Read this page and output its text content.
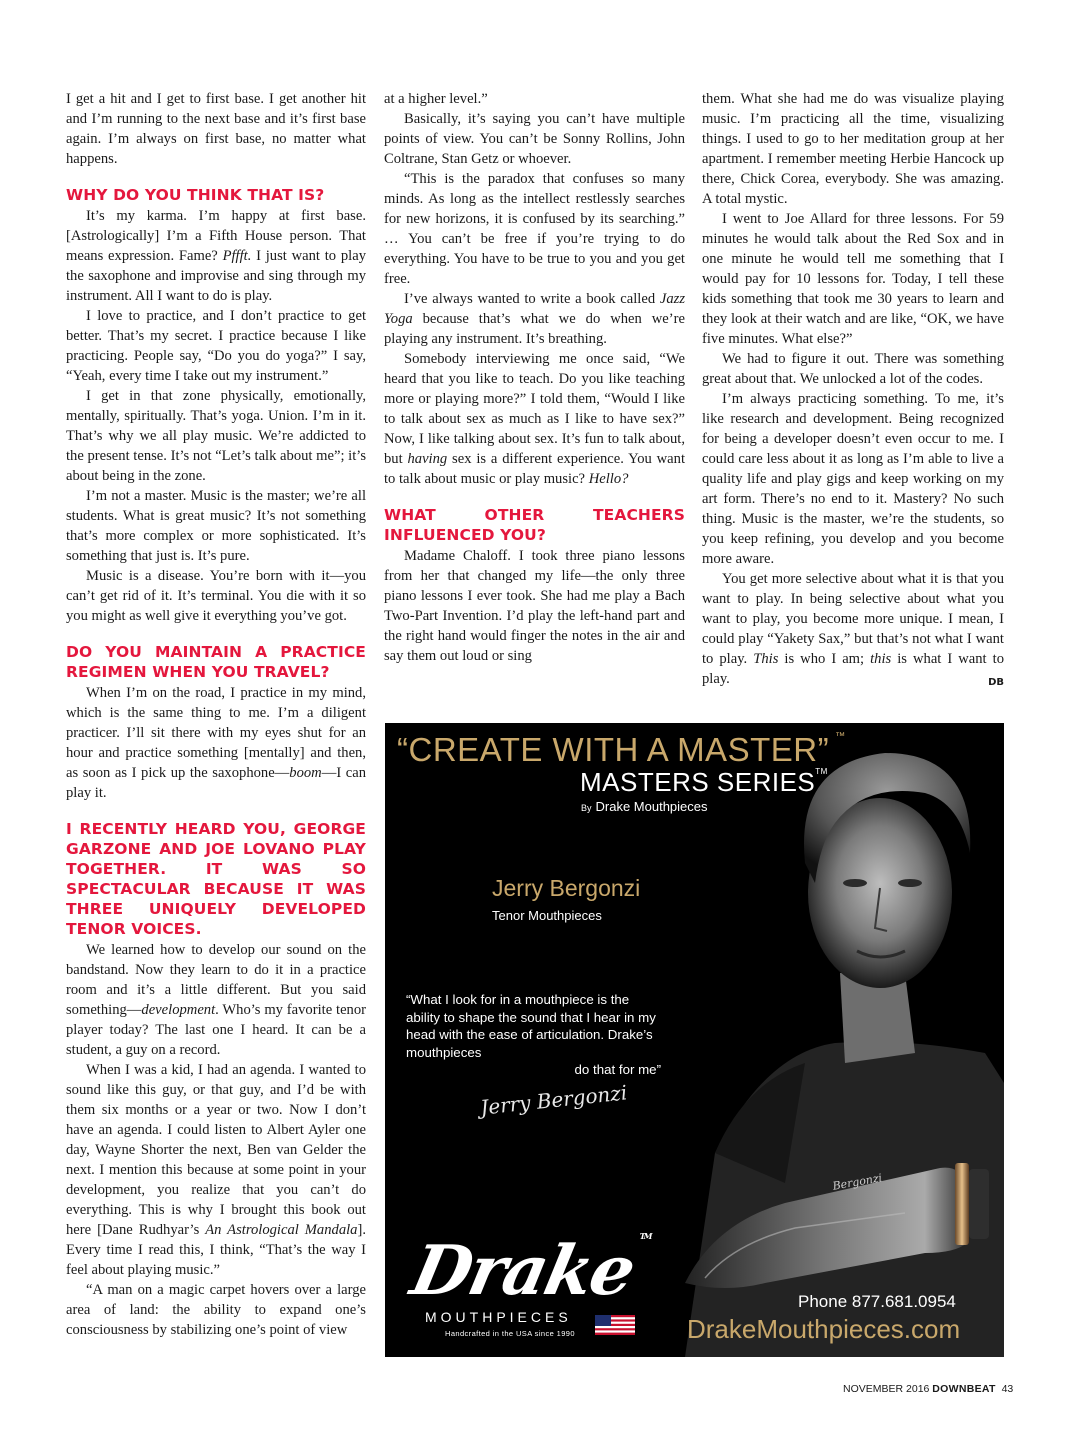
I get a hit and I get to first base. I get another hit and I’m running to the next base and it’s first base again. I’m always on first base, no matter what happens.

WHY DO YOU THINK THAT IS?

It’s my karma. I’m happy at first base. [Astrologically] I’m a Fifth House person. That means expression. Fame? Pffft. I just want to play the saxophone and improvise and sing through my instrument. All I want to do is play.

I love to practice, and I don’t practice to get better. That’s my secret. I practice because I like practicing. People say, “Do you do yoga?” I say, “Yeah, every time I take out my instrument.”

I get in that zone physically, emotionally, mentally, spiritually. That’s yoga. Union. I’m in it. That’s why we all play music. We’re addicted to the present tense. It’s not “Let’s talk about me”; it’s about being in the zone.

I’m not a master. Music is the master; we’re all students. What is great music? It’s not something that’s more complex or more sophisticated. It’s something that just is. It’s pure.

Music is a disease. You’re born with it—you can’t get rid of it. It’s terminal. You die with it so you might as well give it everything you’ve got.

DO YOU MAINTAIN A PRACTICE REGIMEN WHEN YOU TRAVEL?

When I’m on the road, I practice in my mind, which is the same thing to me. I’m a diligent practicer. I’ll sit there with my eyes shut for an hour and practice something [mentally] and then, as soon as I pick up the saxophone—boom—I can play it.

I RECENTLY HEARD YOU, GEORGE GARZONE AND JOE LOVANO PLAY TOGETHER. IT WAS SO SPECTACULAR BECAUSE IT WAS THREE UNIQUELY DEVELOPED TENOR VOICES.

We learned how to develop our sound on the bandstand. Now they learn to do it in a practice room and it’s a little different. But you said something—development. Who’s my favorite tenor player today? The last one I heard. It can be a student, a guy on a record.

When I was a kid, I had an agenda. I wanted to sound like this guy, or that guy, and I’d be with them six months or a year or two. Now I don’t have an agenda. I could listen to Albert Ayler one day, Wayne Shorter the next, Ben van Gelder the next. I mention this because at some point in your development, you realize that you can’t do everything. This is why I brought this book out here [Dane Rudhyar’s An Astrological Mandala]. Every time I read this, I think, “That’s the way I feel about playing music.”

“A man on a magic carpet hovers over a large area of land: the ability to expand one’s consciousness by stabilizing one’s point of view

at a higher level.”

Basically, it’s saying you can’t have multiple points of view. You can’t be Sonny Rollins, John Coltrane, Stan Getz or whoever.

“This is the paradox that confuses so many minds. As long as the intellect restlessly searches for new horizons, it is confused by its searching.” … You can’t be free if you’re trying to do everything. You have to be true to you and you get free.

I’ve always wanted to write a book called Jazz Yoga because that’s what we do when we’re playing any instrument. It’s breathing.

Somebody interviewing me once said, “We heard that you like to teach. Do you like teaching more or playing more?” I told them, “Would I like to talk about sex as much as I like to have sex?” Now, I like talking about sex. It’s fun to talk about, but having sex is a different experience. You want to talk about music or play music? Hello?

WHAT OTHER TEACHERS INFLUENCED YOU?

Madame Chaloff. I took three piano lessons from her that changed my life—the only three piano lessons I ever took. She had me play a Bach Two-Part Invention. I’d play the left-hand part and the right hand would finger the notes in the air and say them out loud or sing

them. What she had me do was visualize playing music. I’m practicing all the time, visualizing things. I used to go to her meditation group at her apartment. I remember meeting Herbie Hancock up there, Chick Corea, everybody. She was amazing. A total mystic.

I went to Joe Allard for three lessons. For 59 minutes he would talk about the Red Sox and in one minute he would tell me something that I would pay for 10 lessons for. Today, I tell these kids something that took me 30 years to learn and they look at their watch and are like, “OK, we have five minutes. What else?”

We had to figure it out. There was something great about that. We unlocked a lot of the codes.

I’m always practicing something. To me, it’s like research and development. Being recognized for being a developer doesn’t even occur to me. I could care less about it as long as I’m able to live a quality life and play gigs and keep working on my art form. There’s no end to it. Mastery? No such thing. Music is the master, we’re the students, so you keep refining, you develop and you become more aware.

You get more selective about what it is that you want to play. In being selective about what you want to play, you become more unique. I mean, I could play “Yakety Sax,” but that’s not what I want to play. This is who I am; this is what I want to play.	DB

Bergonzi
“CREATE WITH A MASTER” ™
MASTERS SERIES™
By Drake Mouthpieces
Jerry Bergonzi
Tenor Mouthpieces
“What I look for in a mouthpiece is the ability to shape the sound that I hear in my head with the ease of articulation. Drake’s mouthpieces
do that for me”
Jerry Bergonzi
Drake™
MOUTHPIECES
Handcrafted in the USA since 1990
Phone 877.681.0954
DrakeMouthpieces.com
NOVEMBER 2016 DOWNBEAT 43
